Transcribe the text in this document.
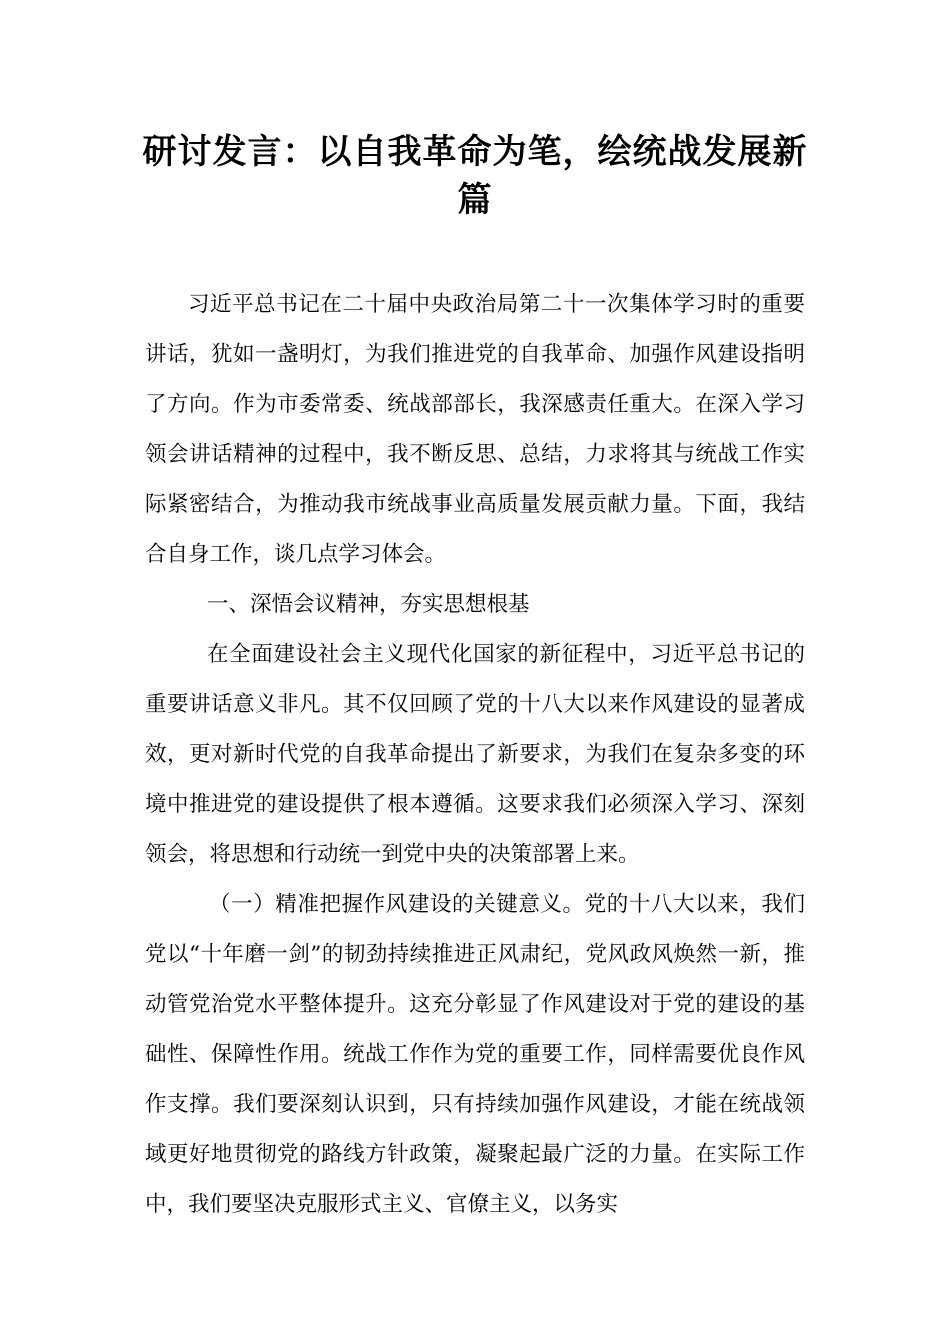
研讨发言：以自我革命为笔，绘统战发展新篇

习近平总书记在二十届中央政治局第二十一次集体学习时的重要讲话，犹如一盏明灯，为我们推进党的自我革命、加强作风建设指明了方向。作为市委常委、统战部部长，我深感责任重大。在深入学习领会讲话精神的过程中，我不断反思、总结，力求将其与统战工作实际紧密结合，为推动我市统战事业高质量发展贡献力量。下面，我结合自身工作，谈几点学习体会。

一、深悟会议精神，夯实思想根基

在全面建设社会主义现代化国家的新征程中，习近平总书记的重要讲话意义非凡。其不仅回顾了党的十八大以来作风建设的显著成效，更对新时代党的自我革命提出了新要求，为我们在复杂多变的环境中推进党的建设提供了根本遵循。这要求我们必须深入学习、深刻领会，将思想和行动统一到党中央的决策部署上来。

（一）精准把握作风建设的关键意义。党的十八大以来，我们党以“十年磨一剑”的韧劲持续推进正风肃纪，党风政风焕然一新，推动管党治党水平整体提升。这充分彰显了作风建设对于党的建设的基础性、保障性作用。统战工作作为党的重要工作，同样需要优良作风作支撑。我们要深刻认识到，只有持续加强作风建设，才能在统战领域更好地贯彻党的路线方针政策，凝聚起最广泛的力量。在实际工作中，我们要坚决克服形式主义、官僚主义，以务实
